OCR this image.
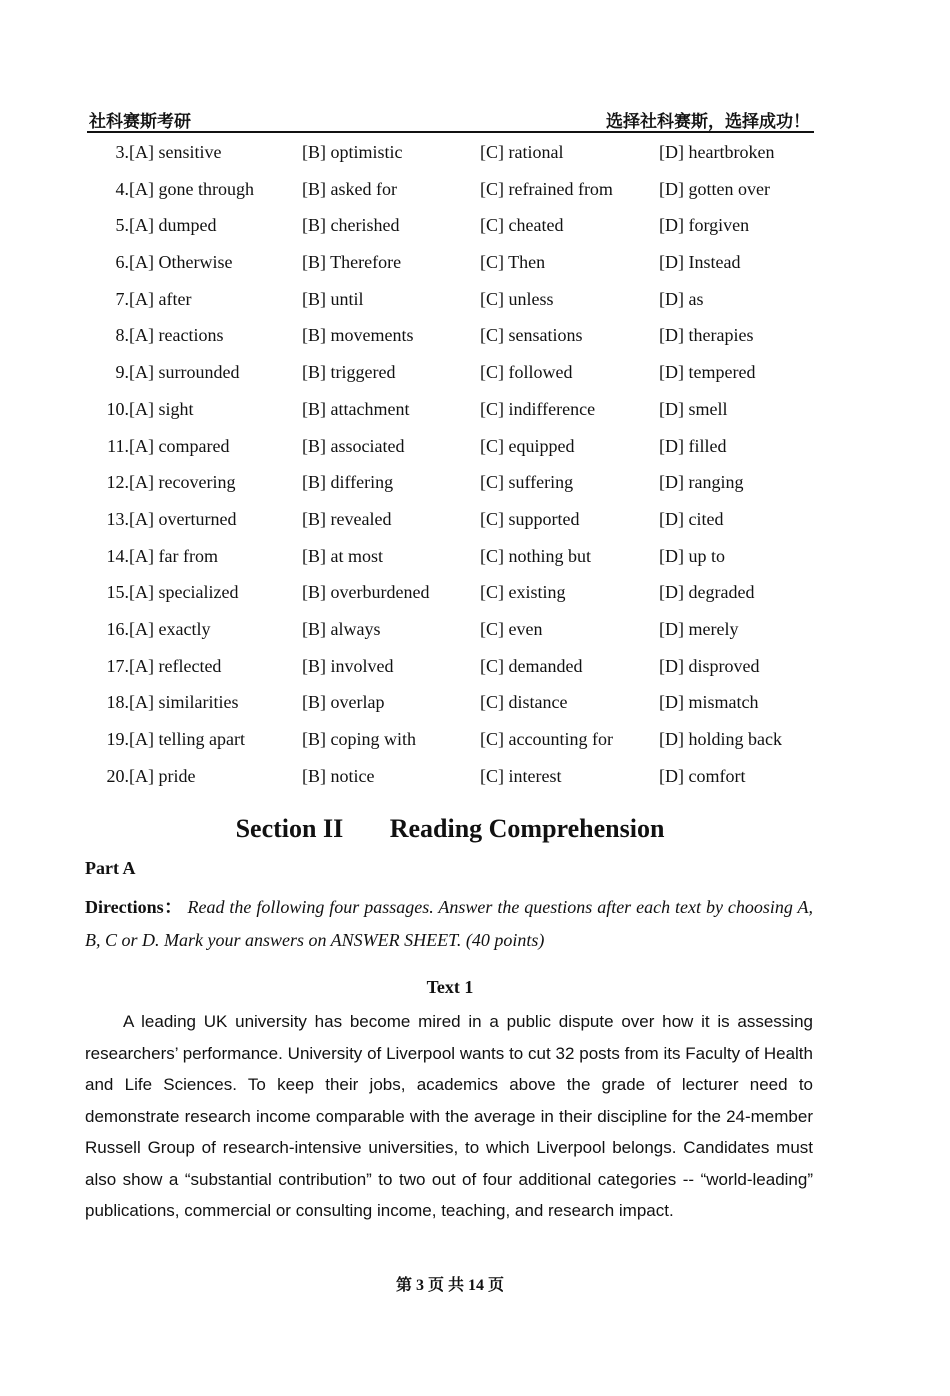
社科赛斯考研	选择社科赛斯，选择成功！
3. [A] sensitive	[B] optimistic	[C] rational	[D] heartbroken
4. [A] gone through	[B] asked for	[C] refrained from	[D] gotten over
5. [A] dumped	[B] cherished	[C] cheated	[D] forgiven
6. [A] Otherwise	[B] Therefore	[C] Then	[D] Instead
7. [A] after	[B] until	[C] unless	[D] as
8. [A] reactions	[B] movements	[C] sensations	[D] therapies
9. [A] surrounded	[B] triggered	[C] followed	[D] tempered
10. [A] sight	[B] attachment	[C] indifference	[D] smell
11. [A] compared	[B] associated	[C] equipped	[D] filled
12. [A] recovering	[B] differing	[C] suffering	[D] ranging
13. [A] overturned	[B] revealed	[C] supported	[D] cited
14. [A] far from	[B] at most	[C] nothing but	[D] up to
15. [A] specialized	[B] overburdened	[C] existing	[D] degraded
16. [A] exactly	[B] always	[C] even	[D] merely
17. [A] reflected	[B] involved	[C] demanded	[D] disproved
18. [A] similarities	[B] overlap	[C] distance	[D] mismatch
19. [A] telling apart	[B] coping with	[C] accounting for	[D] holding back
20. [A] pride	[B] notice	[C] interest	[D] comfort
Section II Reading Comprehension
Part A
Directions： Read the following four passages. Answer the questions after each text by choosing A, B, C or D. Mark your answers on ANSWER SHEET. (40 points)
Text 1
A leading UK university has become mired in a public dispute over how it is assessing researchers’ performance. University of Liverpool wants to cut 32 posts from its Faculty of Health and Life Sciences. To keep their jobs, academics above the grade of lecturer need to demonstrate research income comparable with the average in their discipline for the 24-member Russell Group of research-intensive universities, to which Liverpool belongs. Candidates must also show a “substantial contribution” to two out of four additional categories -- “world-leading” publications, commercial or consulting income, teaching, and research impact.
第 3 页 共 14 页
